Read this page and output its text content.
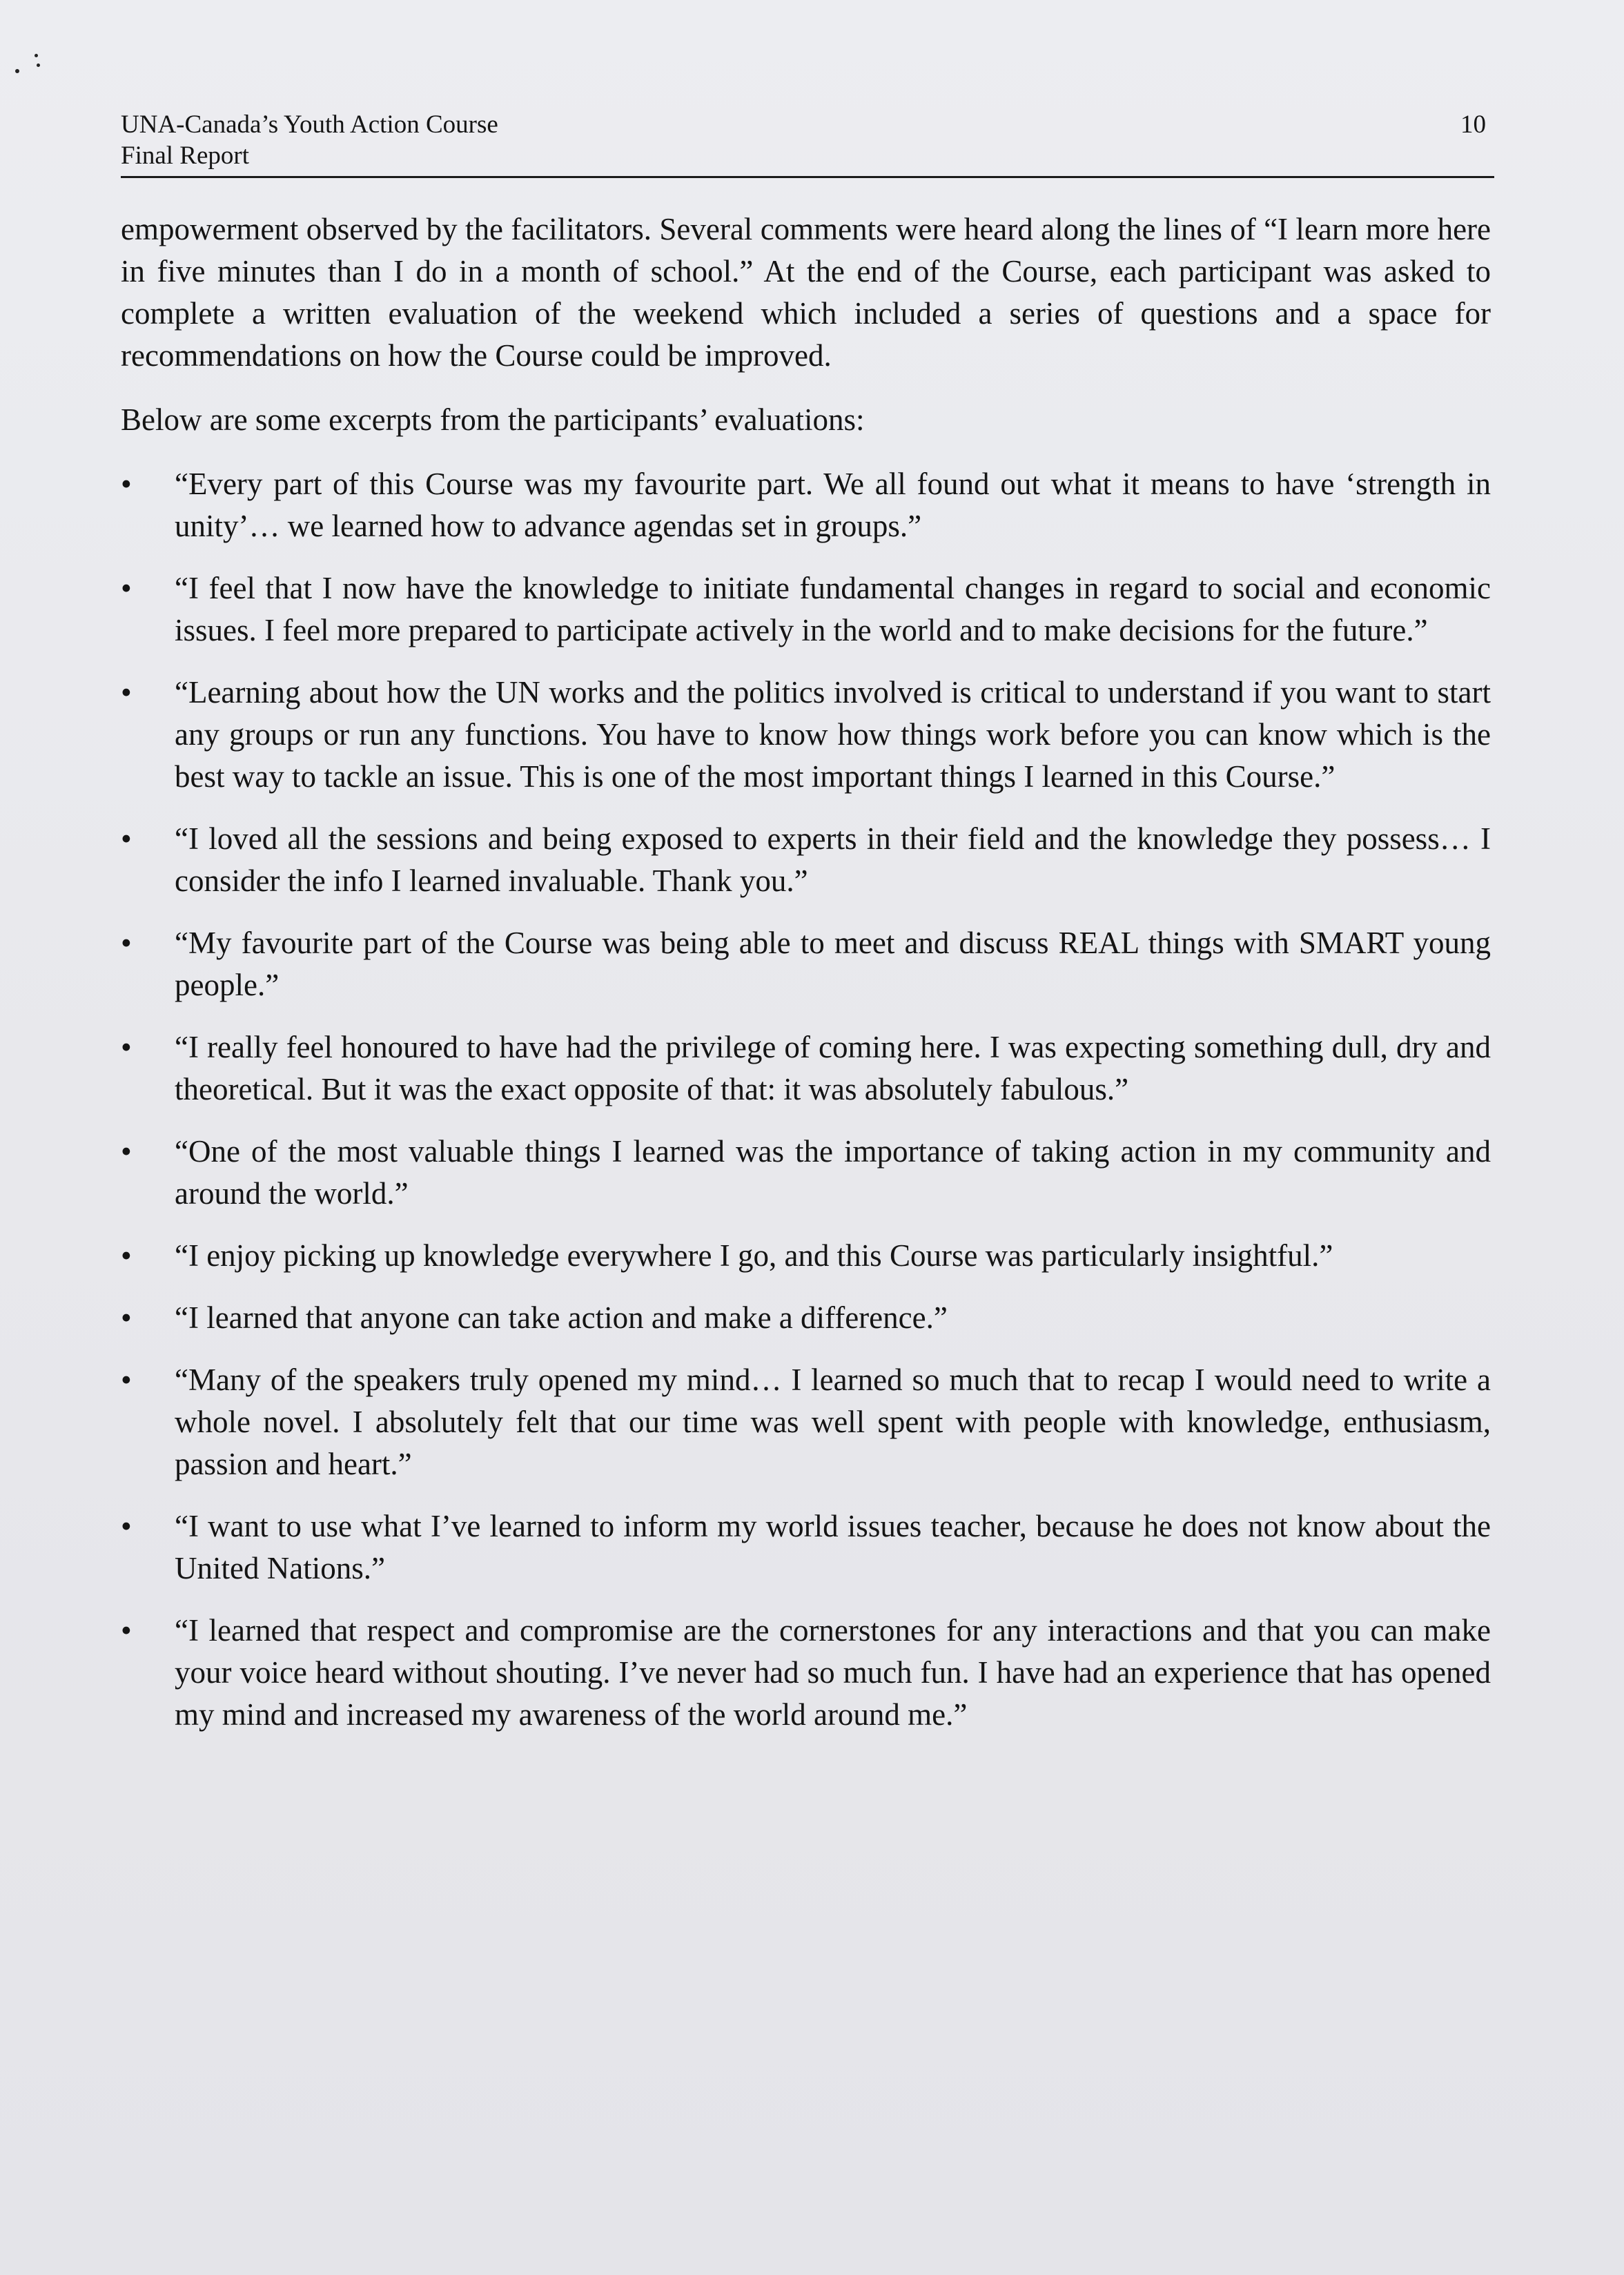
UNA-Canada’s Youth Action Course
Final Report
10

empowerment observed by the facilitators. Several comments were heard along the lines of “I learn more here in five minutes than I do in a month of school.” At the end of the Course, each participant was asked to complete a written evaluation of the weekend which included a series of questions and a space for recommendations on how the Course could be improved.

Below are some excerpts from the participants’ evaluations:

•	“Every part of this Course was my favourite part. We all found out what it means to have ‘strength in unity’… we learned how to advance agendas set in groups.”
•	“I feel that I now have the knowledge to initiate fundamental changes in regard to social and economic issues. I feel more prepared to participate actively in the world and to make decisions for the future.”
•	“Learning about how the UN works and the politics involved is critical to understand if you want to start any groups or run any functions. You have to know how things work before you can know which is the best way to tackle an issue. This is one of the most important things I learned in this Course.”
•	“I loved all the sessions and being exposed to experts in their field and the knowledge they possess… I consider the info I learned invaluable. Thank you.”
•	“My favourite part of the Course was being able to meet and discuss REAL things with SMART young people.”
•	“I really feel honoured to have had the privilege of coming here. I was expecting something dull, dry and theoretical. But it was the exact opposite of that: it was absolutely fabulous.”
•	“One of the most valuable things I learned was the importance of taking action in my community and around the world.”
•	“I enjoy picking up knowledge everywhere I go, and this Course was particularly insightful.”
•	“I learned that anyone can take action and make a difference.”
•	“Many of the speakers truly opened my mind… I learned so much that to recap I would need to write a whole novel. I absolutely felt that our time was well spent with people with knowledge, enthusiasm, passion and heart.”
•	“I want to use what I’ve learned to inform my world issues teacher, because he does not know about the United Nations.”
•	“I learned that respect and compromise are the cornerstones for any interactions and that you can make your voice heard without shouting. I’ve never had so much fun. I have had an experience that has opened my mind and increased my awareness of the world around me.”
